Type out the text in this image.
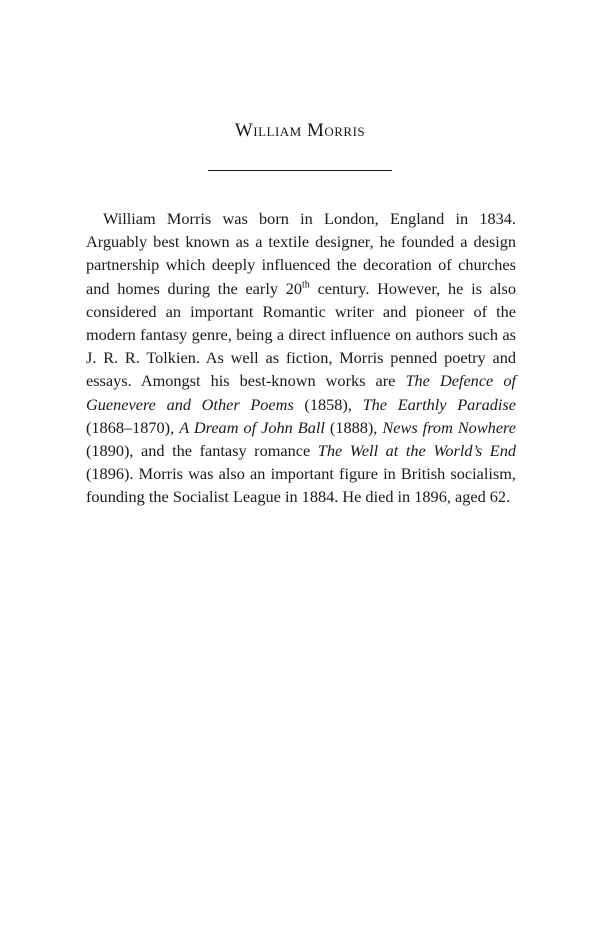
William Morris

William Morris was born in London, England in 1834. Arguably best known as a textile designer, he founded a design partnership which deeply influenced the decoration of churches and homes during the early 20th century. However, he is also considered an important Romantic writer and pioneer of the modern fantasy genre, being a direct influence on authors such as J. R. R. Tolkien. As well as fiction, Morris penned poetry and essays. Amongst his best-known works are The Defence of Guenevere and Other Poems (1858), The Earthly Paradise (1868–1870), A Dream of John Ball (1888), News from Nowhere (1890), and the fantasy romance The Well at the World’s End (1896). Morris was also an important figure in British socialism, founding the Socialist League in 1884. He died in 1896, aged 62.
